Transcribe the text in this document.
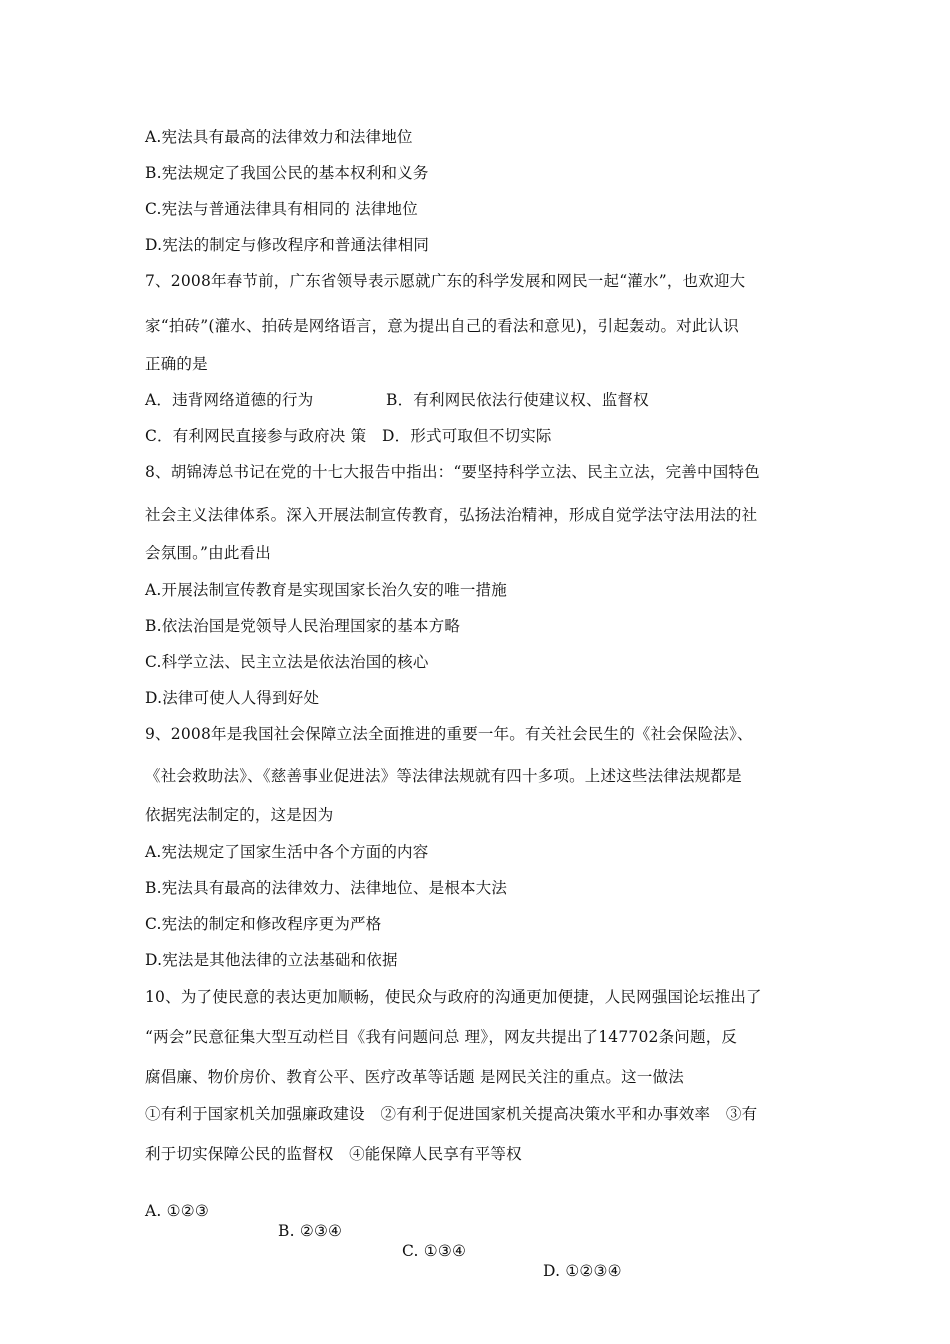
A.宪法具有最高的法律效力和法律地位
B.宪法规定了我国公民的基本权利和义务
C.宪法与普通法律具有相同的 法律地位
D.宪法的制定与修改程序和普通法律相同
7、2008年春节前，广东省领导表示愿就广东的科学发展和网民一起“灌水”，也欢迎大
家“拍砖”(灌水、拍砖是网络语言，意为提出自己的看法和意见)，引起轰动。对此认识
正确的是
A．违背网络道德的行为	B．有利网民依法行使建议权、监督权
C．有利网民直接参与政府决 策　D．形式可取但不切实际
8、胡锦涛总书记在党的十七大报告中指出：“要坚持科学立法、民主立法，完善中国特色
社会主义法律体系。深入开展法制宣传教育，弘扬法治精神，形成自觉学法守法用法的社
会氛围。”由此看出
A.开展法制宣传教育是实现国家长治久安的唯一措施
B.依法治国是党领导人民治理国家的基本方略
C.科学立法、民主立法是依法治国的核心
D.法律可使人人得到好处
9、2008年是我国社会保障立法全面推进的重要一年。有关社会民生的《社会保险法》、
《社会救助法》、《慈善事业促进法》等法律法规就有四十多项。上述这些法律法规都是
依据宪法制定的，这是因为
A.宪法规定了国家生活中各个方面的内容
B.宪法具有最高的法律效力、法律地位、是根本大法
C.宪法的制定和修改程序更为严格
D.宪法是其他法律的立法基础和依据
10、为了使民意的表达更加顺畅，使民众与政府的沟通更加便捷，人民网强国论坛推出了
“两会”民意征集大型互动栏目《我有问题问总 理》，网友共提出了147702条问题，反
腐倡廉、物价房价、教育公平、医疗改革等话题 是网民关注的重点。这一做法
①有利于国家机关加强廉政建设　②有利于促进国家机关提高决策水平和办事效率　③有
利于切实保障公民的监督权　④能保障人民享有平等权

A. ①②③

B. ②③④

C. ①③④

D. ①②③④
